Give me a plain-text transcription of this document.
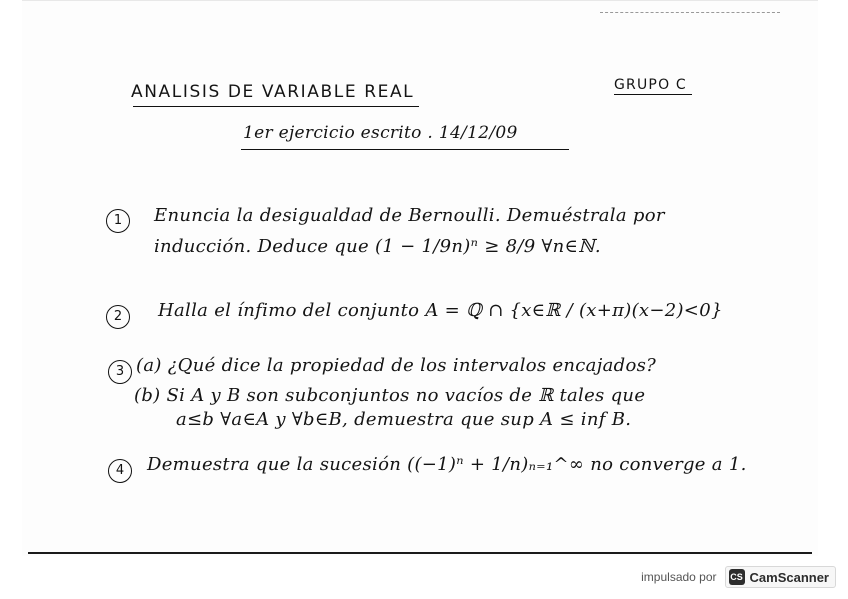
ANALISIS DE VARIABLE REAL	GRUPO C
1er ejercicio escrito . 14/12/09
1	Enuncia la desigualdad de Bernoulli. Demuéstrala por
inducción. Deduce que (1 − 1/9n)ⁿ ≥ 8/9 ∀n∈ℕ.
2	Halla el ínfimo del conjunto A = ℚ ∩ {x∈ℝ / (x+π)(x−2)<0}
3 (a) ¿Qué dice la propiedad de los intervalos encajados?
(b) Si A y B son subconjuntos no vacíos de ℝ tales que
a≤b ∀a∈A y ∀b∈B, demuestra que sup A ≤ inf B.
4	Demuestra que la sucesión ((−1)ⁿ + 1/n)ₙ₌₁^∞ no converge a 1.
impulsado por CS CamScanner
